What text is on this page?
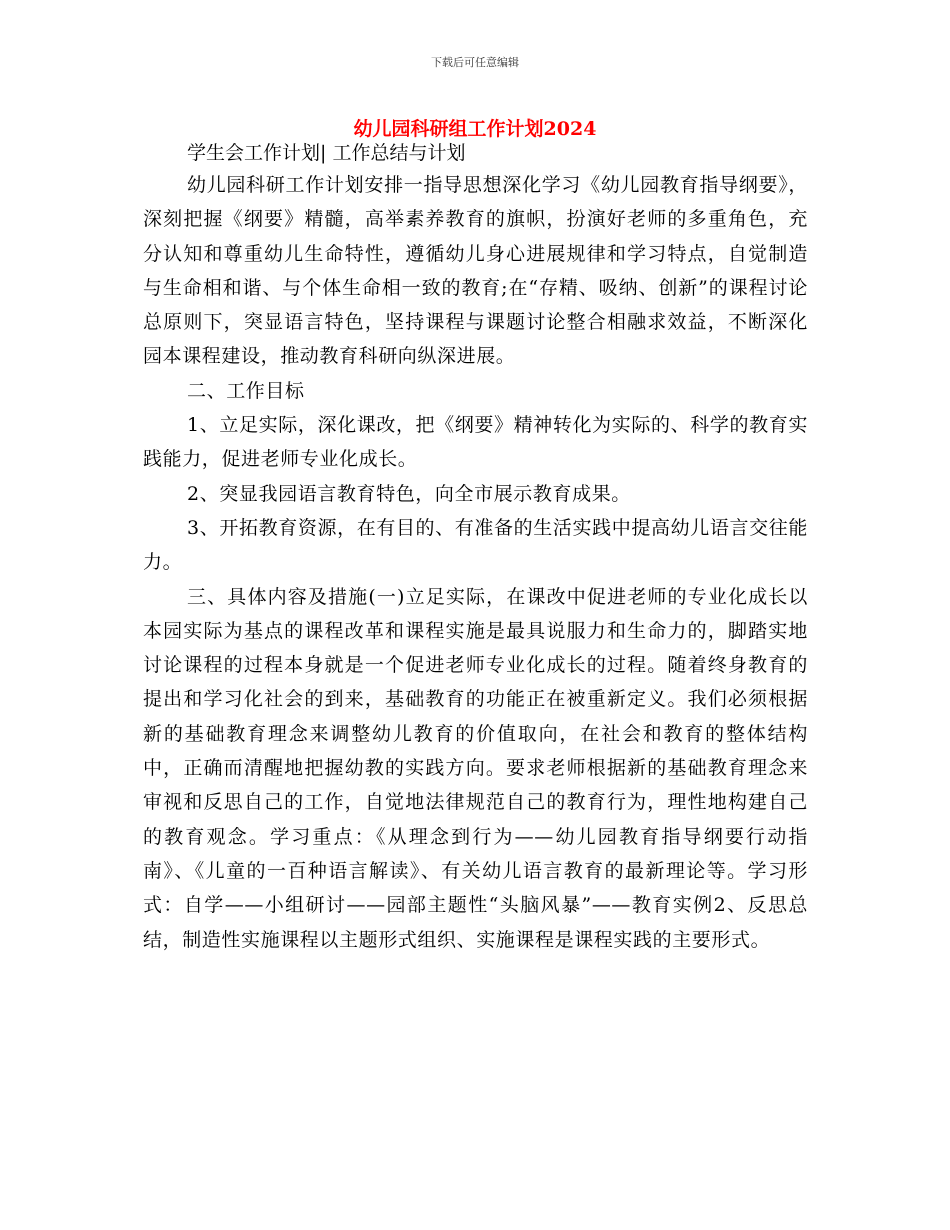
下载后可任意编辑
幼儿园科研组工作计划2024

学生会工作计划| 工作总结与计划

幼儿园科研工作计划安排一指导思想深化学习《幼儿园教育指导纲要》，深刻把握《纲要》精髓，高举素养教育的旗帜，扮演好老师的多重角色，充分认知和尊重幼儿生命特性，遵循幼儿身心进展规律和学习特点，自觉制造与生命相和谐、与个体生命相一致的教育;在“存精、吸纳、创新”的课程讨论总原则下，突显语言特色，坚持课程与课题讨论整合相融求效益，不断深化园本课程建设，推动教育科研向纵深进展。

二、工作目标

1、立足实际，深化课改，把《纲要》精神转化为实际的、科学的教育实践能力，促进老师专业化成长。

2、突显我园语言教育特色，向全市展示教育成果。

3、开拓教育资源，在有目的、有准备的生活实践中提高幼儿语言交往能力。

三、具体内容及措施(一)立足实际，在课改中促进老师的专业化成长以本园实际为基点的课程改革和课程实施是最具说服力和生命力的，脚踏实地讨论课程的过程本身就是一个促进老师专业化成长的过程。随着终身教育的提出和学习化社会的到来，基础教育的功能正在被重新定义。我们必须根据新的基础教育理念来调整幼儿教育的价值取向，在社会和教育的整体结构中，正确而清醒地把握幼教的实践方向。要求老师根据新的基础教育理念来审视和反思自己的工作，自觉地法律规范自己的教育行为，理性地构建自己的教育观念。学习重点：《从理念到行为——幼儿园教育指导纲要行动指南》、《儿童的一百种语言解读》、有关幼儿语言教育的最新理论等。学习形式：自学——小组研讨——园部主题性“头脑风暴”——教育实例2、反思总结，制造性实施课程以主题形式组织、实施课程是课程实践的主要形式。
